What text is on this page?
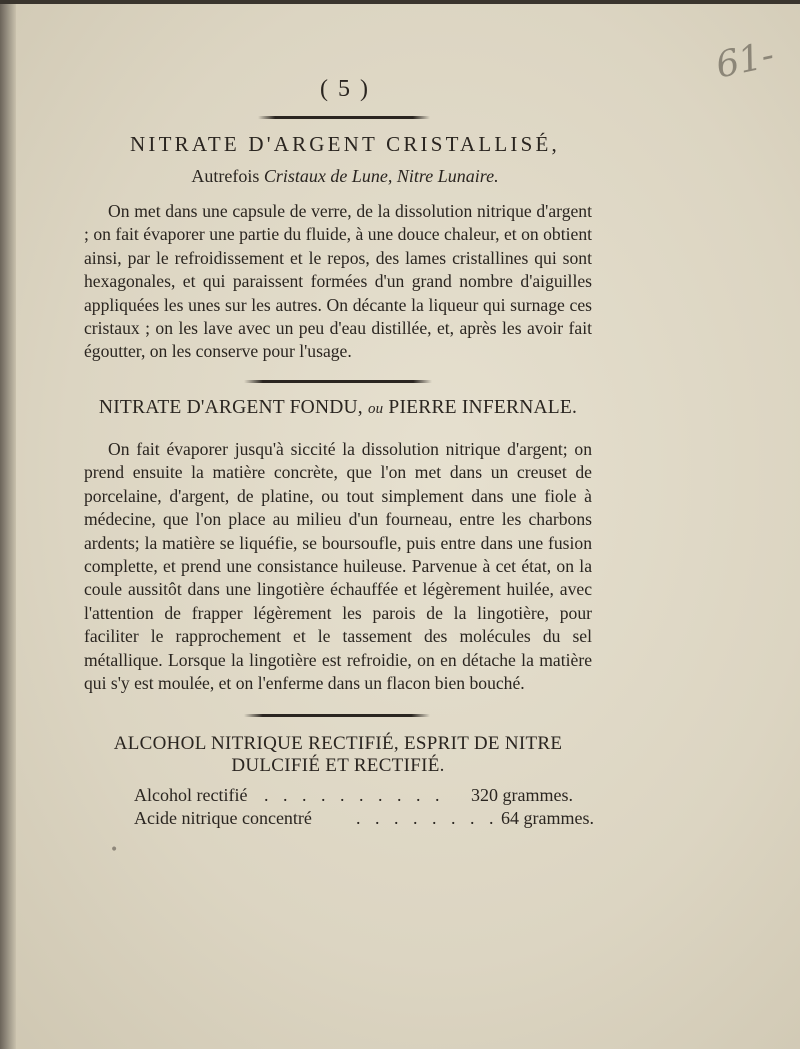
( 5 )
61-
NITRATE D'ARGENT CRISTALLISÉ,
Autrefois Cristaux de Lune, Nitre Lunaire.
On met dans une capsule de verre, de la dissolution nitrique d'argent ; on fait évaporer une partie du fluide, à une douce chaleur, et on obtient ainsi, par le refroidissement et le repos, des lames cristallines qui sont hexagonales, et qui paraissent formées d'un grand nombre d'aiguilles appliquées les unes sur les autres. On décante la liqueur qui surnage ces cristaux ; on les lave avec un peu d'eau distillée, et, après les avoir fait égoutter, on les conserve pour l'usage.
NITRATE D'ARGENT FONDU, ou PIERRE INFERNALE.
On fait évaporer jusqu'à siccité la dissolution nitrique d'argent; on prend ensuite la matière concrète, que l'on met dans un creuset de porcelaine, d'argent, de platine, ou tout simplement dans une fiole à médecine, que l'on place au milieu d'un fourneau, entre les charbons ardents; la matière se liquéfie, se boursoufle, puis entre dans une fusion complette, et prend une consistance huileuse. Parvenue à cet état, on la coule aussitôt dans une lingotière échauffée et légèrement huilée, avec l'attention de frapper légèrement les parois de la lingotière, pour faciliter le rapprochement et le tassement des molécules du sel métallique. Lorsque la lingotière est refroidie, on en détache la matière qui s'y est moulée, et on l'enferme dans un flacon bien bouché.
ALCOHOL NITRIQUE RECTIFIÉ, ESPRIT DE NITRE
DULCIFIÉ ET RECTIFIÉ.
Alcohol rectifié . . . . . . . . . . 320 grammes.
Acide nitrique concentré . . . . . . . . 64 grammes.
•
